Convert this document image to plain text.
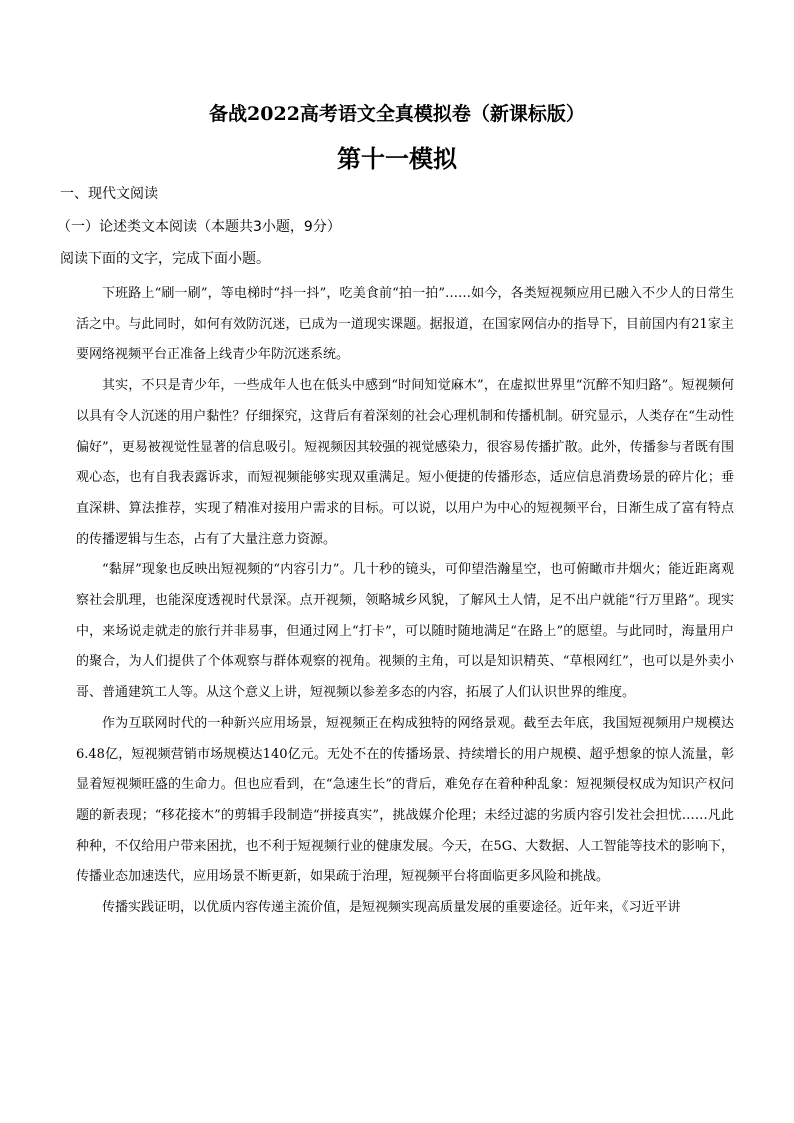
备战2022高考语文全真模拟卷（新课标版）
第十一模拟
一、现代文阅读
（一）论述类文本阅读（本题共3小题，9分）
阅读下面的文字，完成下面小题。

下班路上“刷一刷”，等电梯时“抖一抖”，吃美食前“拍一拍”……如今，各类短视频应用已融入不少人的日常生活之中。与此同时，如何有效防沉迷，已成为一道现实课题。据报道，在国家网信办的指导下，目前国内有21家主要网络视频平台正准备上线青少年防沉迷系统。

其实，不只是青少年，一些成年人也在低头中感到“时间知觉麻木”，在虚拟世界里“沉醉不知归路”。短视频何以具有令人沉迷的用户黏性？仔细探究，这背后有着深刻的社会心理机制和传播机制。研究显示，人类存在“生动性偏好”，更易被视觉性显著的信息吸引。短视频因其较强的视觉感染力，很容易传播扩散。此外，传播参与者既有围观心态，也有自我表露诉求，而短视频能够实现双重满足。短小便捷的传播形态，适应信息消费场景的碎片化；垂直深耕、算法推荐，实现了精准对接用户需求的目标。可以说，以用户为中心的短视频平台，日渐生成了富有特点的传播逻辑与生态，占有了大量注意力资源。

“黏屏”现象也反映出短视频的“内容引力”。几十秒的镜头，可仰望浩瀚星空，也可俯瞰市井烟火；能近距离观察社会肌理，也能深度透视时代景深。点开视频，领略城乡风貌，了解风土人情，足不出户就能“行万里路”。现实中，来场说走就走的旅行并非易事，但通过网上“打卡”，可以随时随地满足“在路上”的愿望。与此同时，海量用户的聚合，为人们提供了个体观察与群体观察的视角。视频的主角，可以是知识精英、“草根网红”，也可以是外卖小哥、普通建筑工人等。从这个意义上讲，短视频以参差多态的内容，拓展了人们认识世界的维度。

作为互联网时代的一种新兴应用场景，短视频正在构成独特的网络景观。截至去年底，我国短视频用户规模达6.48亿，短视频营销市场规模达140亿元。无处不在的传播场景、持续增长的用户规模、超乎想象的惊人流量，彰显着短视频旺盛的生命力。但也应看到，在“急速生长”的背后，难免存在着种种乱象：短视频侵权成为知识产权问题的新表现；“移花接木”的剪辑手段制造“拼接真实”，挑战媒介伦理；未经过滤的劣质内容引发社会担忧……凡此种种，不仅给用户带来困扰，也不利于短视频行业的健康发展。今天，在5G、大数据、人工智能等技术的影响下，传播业态加速迭代，应用场景不断更新，如果疏于治理，短视频平台将面临更多风险和挑战。

传播实践证明，以优质内容传递主流价值，是短视频实现高质量发展的重要途径。近年来，《习近平讲
